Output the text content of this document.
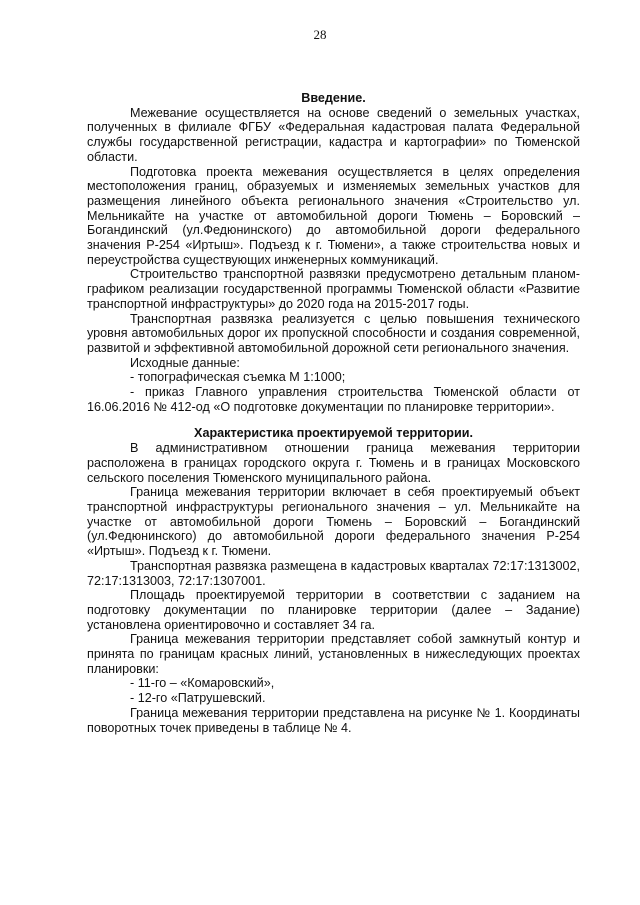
28
Введение.

Межевание осуществляется на основе сведений о земельных участках, полученных в филиале ФГБУ «Федеральная кадастровая палата Федеральной службы государственной регистрации, кадастра и картографии» по Тюменской области.

Подготовка проекта межевания осуществляется в целях определения местоположения границ, образуемых и изменяемых земельных участков для размещения линейного объекта регионального значения «Строительство ул. Мельникайте на участке от автомобильной дороги Тюмень – Боровский – Богандинский (ул.Федюнинского) до автомобильной дороги федерального значения Р-254 «Иртыш». Подъезд к г. Тюмени», а также строительства новых и переустройства существующих инженерных коммуникаций.

Строительство транспортной развязки предусмотрено детальным планом-графиком реализации государственной программы Тюменской области «Развитие транспортной инфраструктуры» до 2020 года на 2015-2017 годы.

Транспортная развязка реализуется с целью повышения технического уровня автомобильных дорог их пропускной способности и создания современной, развитой и эффективной автомобильной дорожной сети регионального значения.

Исходные данные:

- топографическая съемка М 1:1000;

- приказ Главного управления строительства Тюменской области от 16.06.2016 № 412-од «О подготовке документации по планировке территории».

Характеристика проектируемой территории.

В административном отношении граница межевания территории расположена в границах городского округа г. Тюмень и в границах Московского сельского поселения Тюменского муниципального района.

Граница межевания территории включает в себя проектируемый объект транспортной инфраструктуры регионального значения – ул. Мельникайте на участке от автомобильной дороги Тюмень – Боровский – Богандинский (ул.Федюнинского) до автомобильной дороги федерального значения Р-254 «Иртыш». Подъезд к г. Тюмени.

Транспортная развязка размещена в кадастровых кварталах 72:17:1313002, 72:17:1313003, 72:17:1307001.

Площадь проектируемой территории в соответствии с заданием на подготовку документации по планировке территории (далее – Задание) установлена ориентировочно и составляет 34 га.

Граница межевания территории представляет собой замкнутый контур и принята по границам красных линий, установленных в нижеследующих проектах планировки:

- 11-го – «Комаровский»,

- 12-го «Патрушевский.

Граница межевания территории представлена на рисунке № 1. Координаты поворотных точек приведены в таблице № 4.
